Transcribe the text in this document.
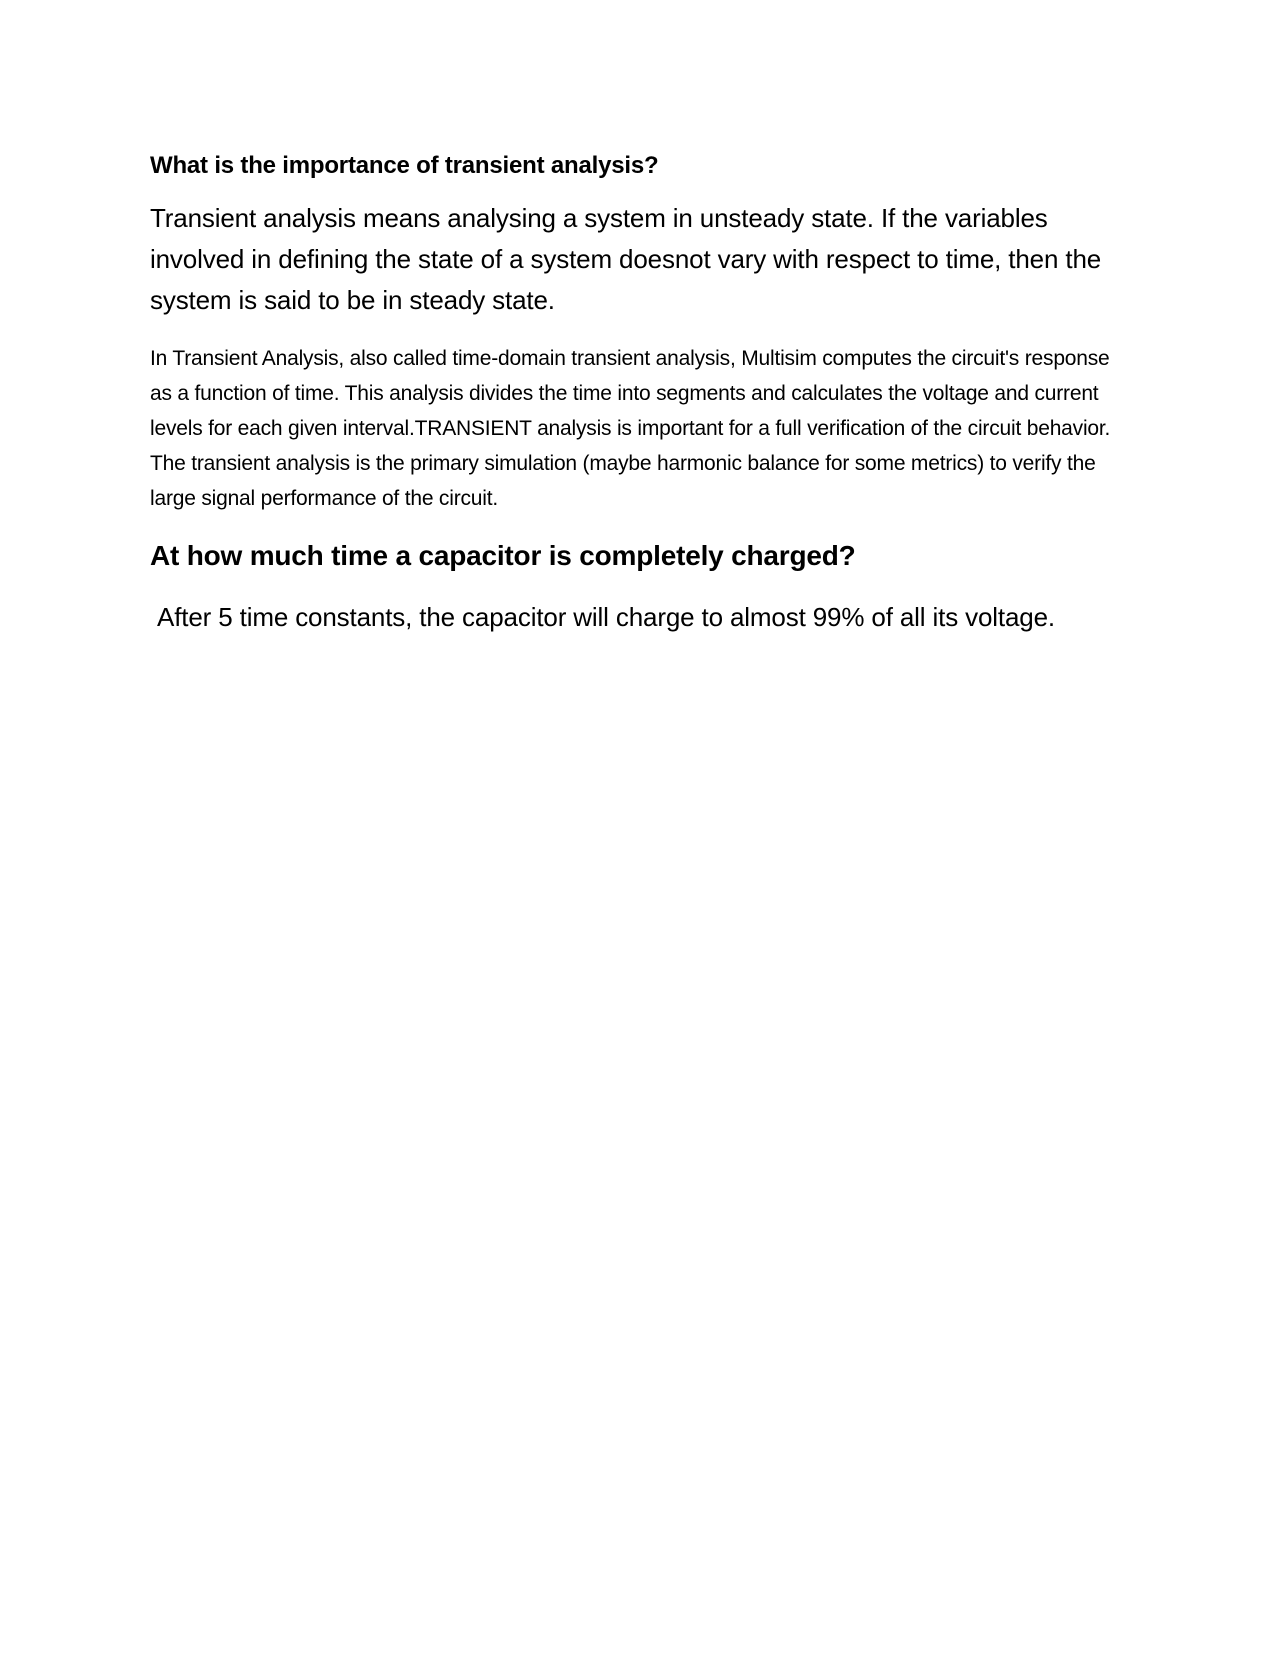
What is the importance of transient analysis?

Transient analysis means analysing a system in unsteady state. If the variables involved in defining the state of a system doesnot vary with respect to time, then the system is said to be in steady state.

In Transient Analysis, also called time-domain transient analysis, Multisim computes the circuit's response as a function of time. This analysis divides the time into segments and calculates the voltage and current levels for each given interval.TRANSIENT analysis is important for a full verification of the circuit behavior. The transient analysis is the primary simulation (maybe harmonic balance for some metrics) to verify the large signal performance of the circuit.

At how much time a capacitor is completely charged?

After 5 time constants, the capacitor will charge to almost 99% of all its voltage.
